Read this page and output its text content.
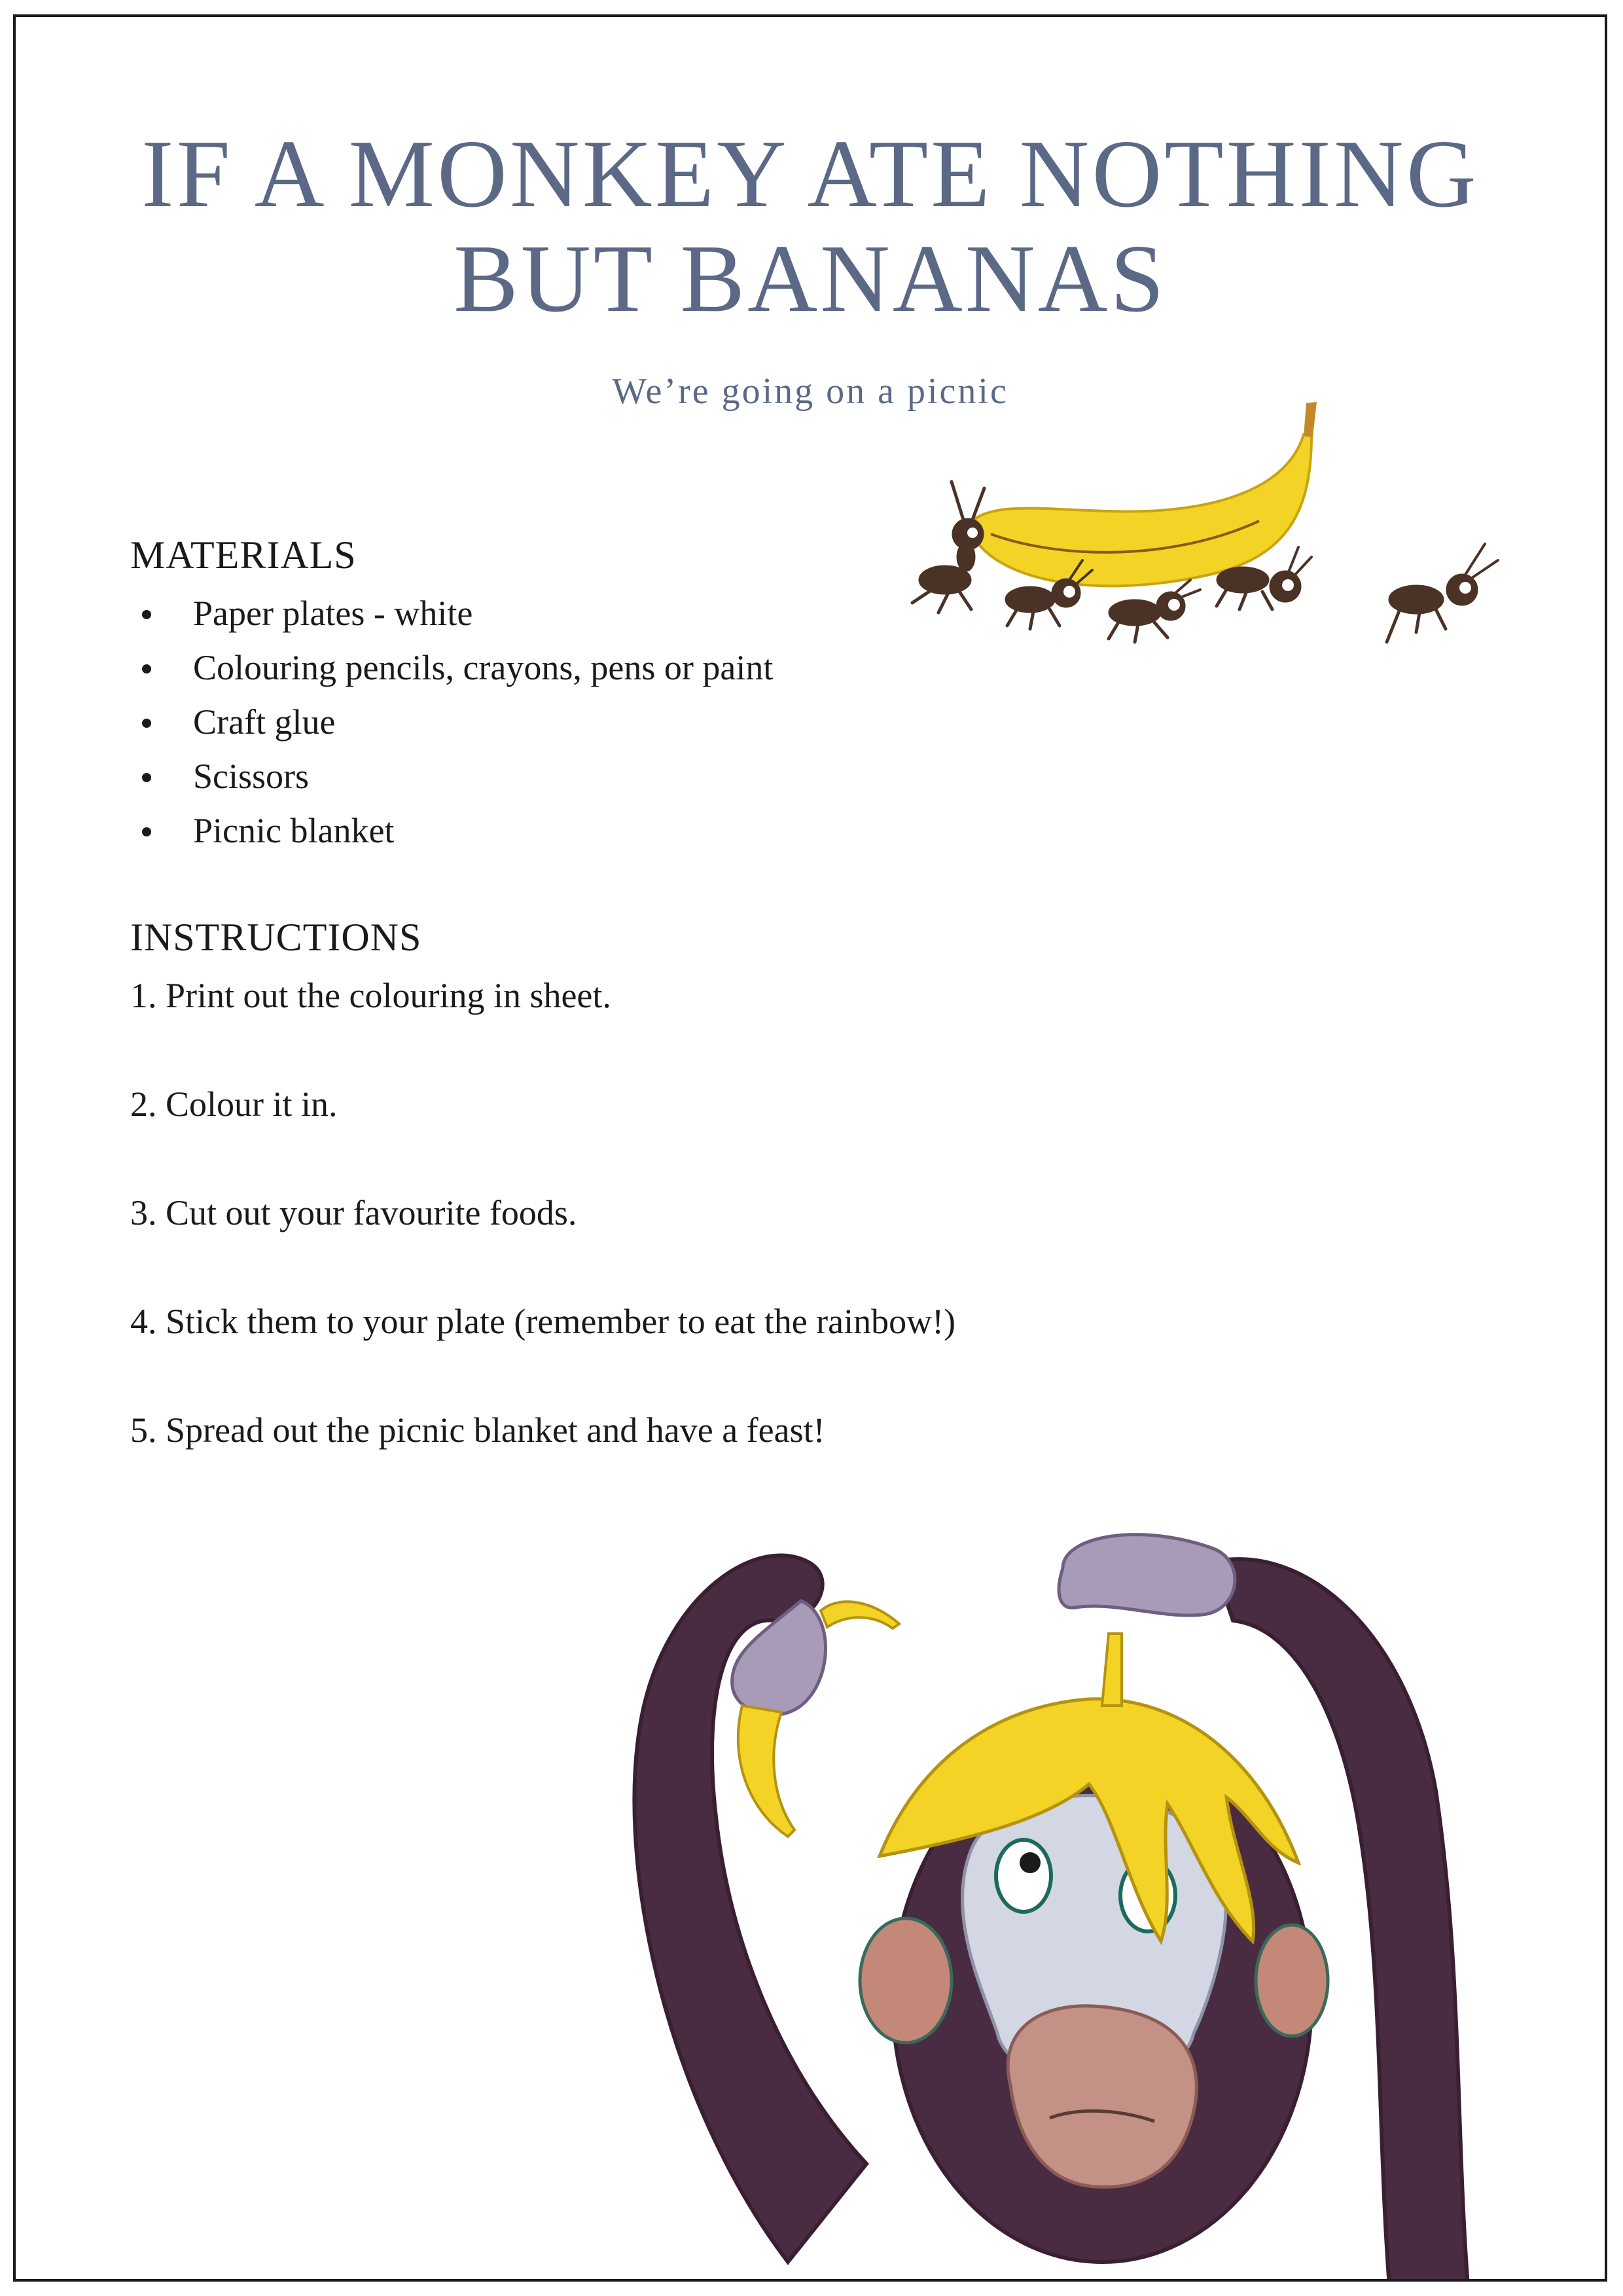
IF A MONKEY ATE NOTHING
BUT BANANAS
We’re going on a picnic
MATERIALS
Paper plates - white
Colouring pencils, crayons, pens or paint
Craft glue
Scissors
Picnic blanket
INSTRUCTIONS
1. Print out the colouring in sheet.
2. Colour it in.
3. Cut out your favourite foods.
4. Stick them to your plate (remember to eat the rainbow!)
5. Spread out the picnic blanket and have a feast!
